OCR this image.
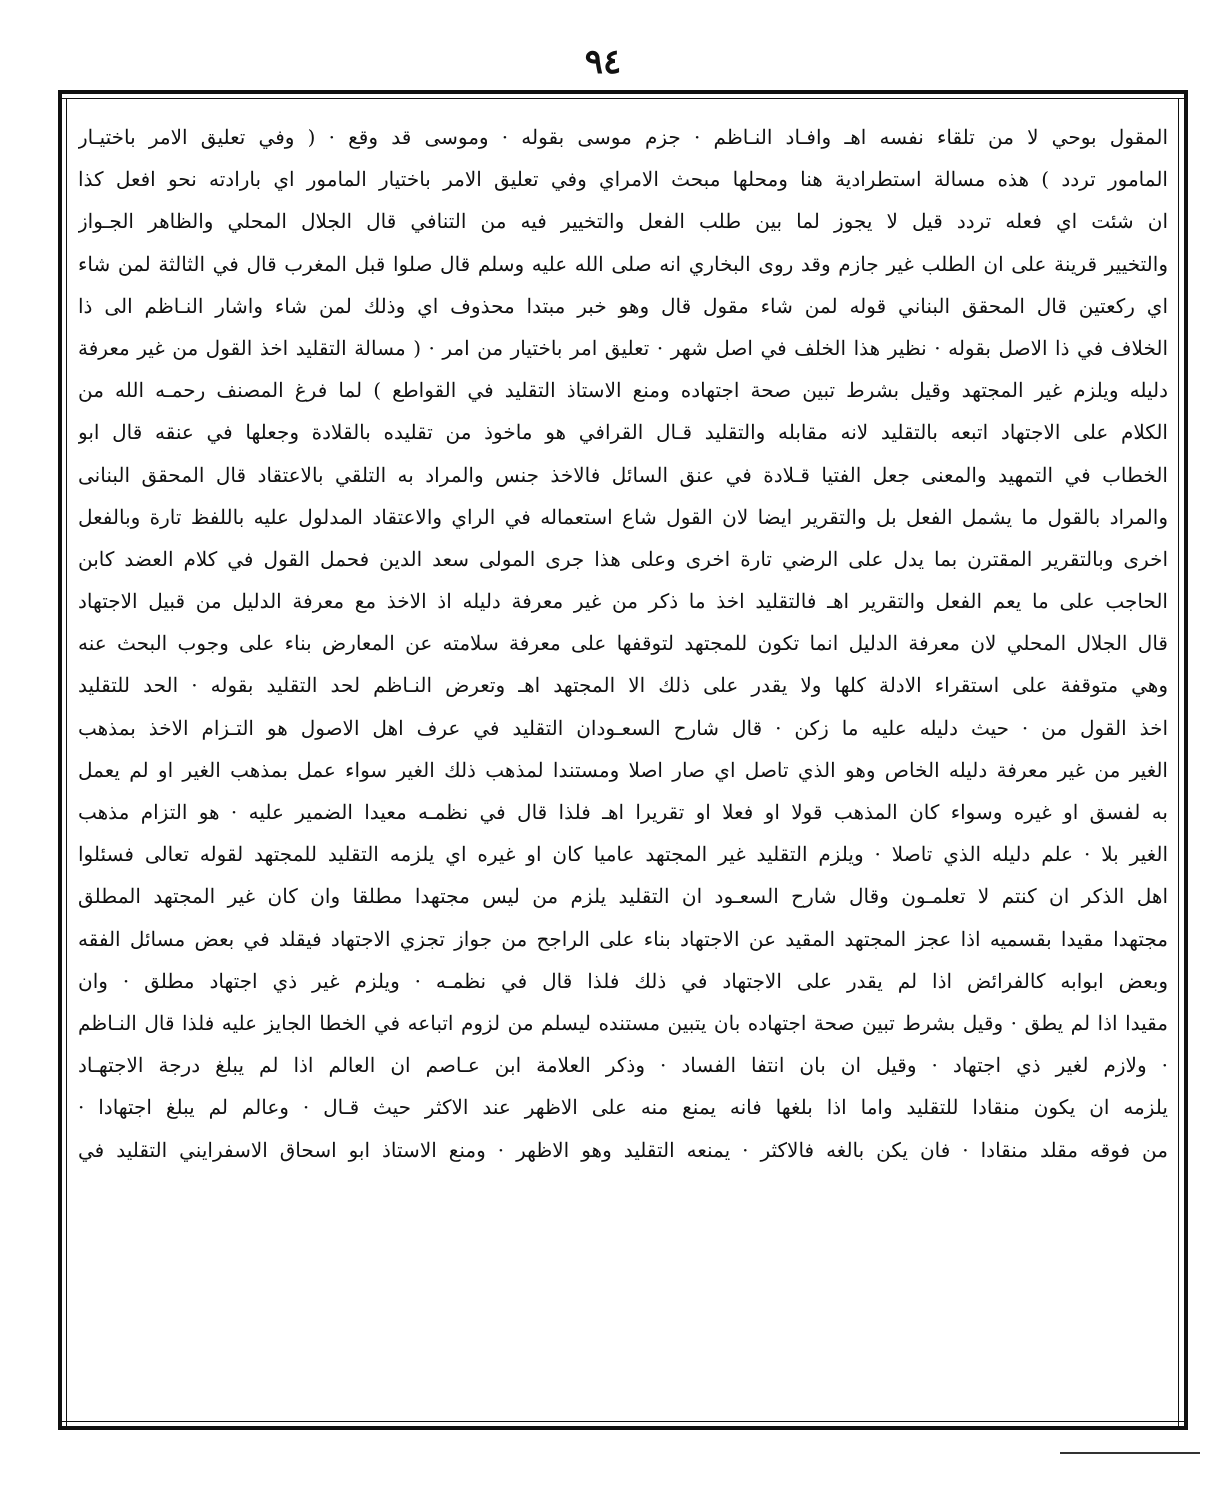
٩٤
المقول بوحي لا من تلقاء نفسه اهـ وافـاد النـاظم · جزم موسى بقوله · وموسى قد وقع · ( وفي تعليق الامر باختيـار
المامور تردد ) هذه مسالة استطرادية هنا ومحلها مبحث الامراي وفي تعليق الامر باختيار المامور اي بارادته نحو افعل كذا
ان شئت اي فعله تردد قيل لا يجوز لما بين طلب الفعل والتخيير فيه من التنافي قال الجلال المحلي والظاهر الجـواز
والتخيير قرينة على ان الطلب غير جازم وقد روى البخاري انه صلى الله عليه وسلم قال صلوا قبل المغرب قال في الثالثة لمن شاء
اي ركعتين قال المحقق البناني قوله لمن شاء مقول قال وهو خبر مبتدا محذوف اي وذلك لمن شاء واشار النـاظم الى ذا
الخلاف في ذا الاصل بقوله · نظير هذا الخلف في اصل شهر · تعليق امر باختيار من امر · ( مسالة التقليد اخذ القول من غير معرفة
دليله ويلزم غير المجتهد وقيل بشرط تبين صحة اجتهاده ومنع الاستاذ التقليد في القواطع ) لما فرغ المصنف رحمـه الله من
الكلام على الاجتهاد اتبعه بالتقليد لانه مقابله والتقليد قـال القرافي هو ماخوذ من تقليده بالقلادة وجعلها في عنقه قال ابو
الخطاب في التمهيد والمعنى جعل الفتيا قـلادة في عنق السائل فالاخذ جنس والمراد به التلقي بالاعتقاد قال المحقق البنانى
والمراد بالقول ما يشمل الفعل بل والتقرير ايضا لان القول شاع استعماله في الراي والاعتقاد المدلول عليه باللفظ تارة وبالفعل
اخرى وبالتقرير المقترن بما يدل على الرضي تارة اخرى وعلى هذا جرى المولى سعد الدين فحمل القول في كلام العضد كابن
الحاجب على ما يعم الفعل والتقرير اهـ فالتقليد اخذ ما ذكر من غير معرفة دليله اذ الاخذ مع معرفة الدليل من قبيل الاجتهاد
قال الجلال المحلي لان معرفة الدليل انما تكون للمجتهد لتوقفها على معرفة سلامته عن المعارض بناء على وجوب البحث عنه
وهي متوقفة على استقراء الادلة كلها ولا يقدر على ذلك الا المجتهد اهـ وتعرض النـاظم لحد التقليد بقوله · الحد للتقليد
اخذ القول من · حيث دليله عليه ما زكن · قال شارح السعـودان التقليد في عرف اهل الاصول هو التـزام الاخذ بمذهب
الغير من غير معرفة دليله الخاص وهو الذي تاصل اي صار اصلا ومستندا لمذهب ذلك الغير سواء عمل بمذهب الغير او لم يعمل
به لفسق او غيره وسواء كان المذهب قولا او فعلا او تقريرا اهـ فلذا قال في نظمـه معيدا الضمير عليه · هو التزام مذهب
الغير بلا · علم دليله الذي تاصلا · ويلزم التقليد غير المجتهد عاميا كان او غيره اي يلزمه التقليد للمجتهد لقوله تعالى فسئلوا
اهل الذكر ان كنتم لا تعلمـون وقال شارح السعـود ان التقليد يلزم من ليس مجتهدا مطلقا وان كان غير المجتهد المطلق
مجتهدا مقيدا بقسميه اذا عجز المجتهد المقيد عن الاجتهاد بناء على الراجح من جواز تجزي الاجتهاد فيقلد في بعض مسائل الفقه
وبعض ابوابه كالفرائض اذا لم يقدر على الاجتهاد في ذلك فلذا قال في نظمـه · ويلزم غير ذي اجتهاد مطلق · وان
مقيدا اذا لم يطق · وقيل بشرط تبين صحة اجتهاده بان يتبين مستنده ليسلم من لزوم اتباعه في الخطا الجايز عليه فلذا قال النـاظم
· ولازم لغير ذي اجتهاد · وقيل ان بان انتفا الفساد · وذكر العلامة ابن عـاصم ان العالم اذا لم يبلغ درجة الاجتهـاد
يلزمه ان يكون منقادا للتقليد واما اذا بلغها فانه يمنع منه على الاظهر عند الاكثر حيث قـال · وعالم لم يبلغ اجتهادا ·
من فوقه مقلد منقادا · فان يكن بالغه فالاكثر · يمنعه التقليد وهو الاظهر · ومنع الاستاذ ابو اسحاق الاسفرايني التقليد في
